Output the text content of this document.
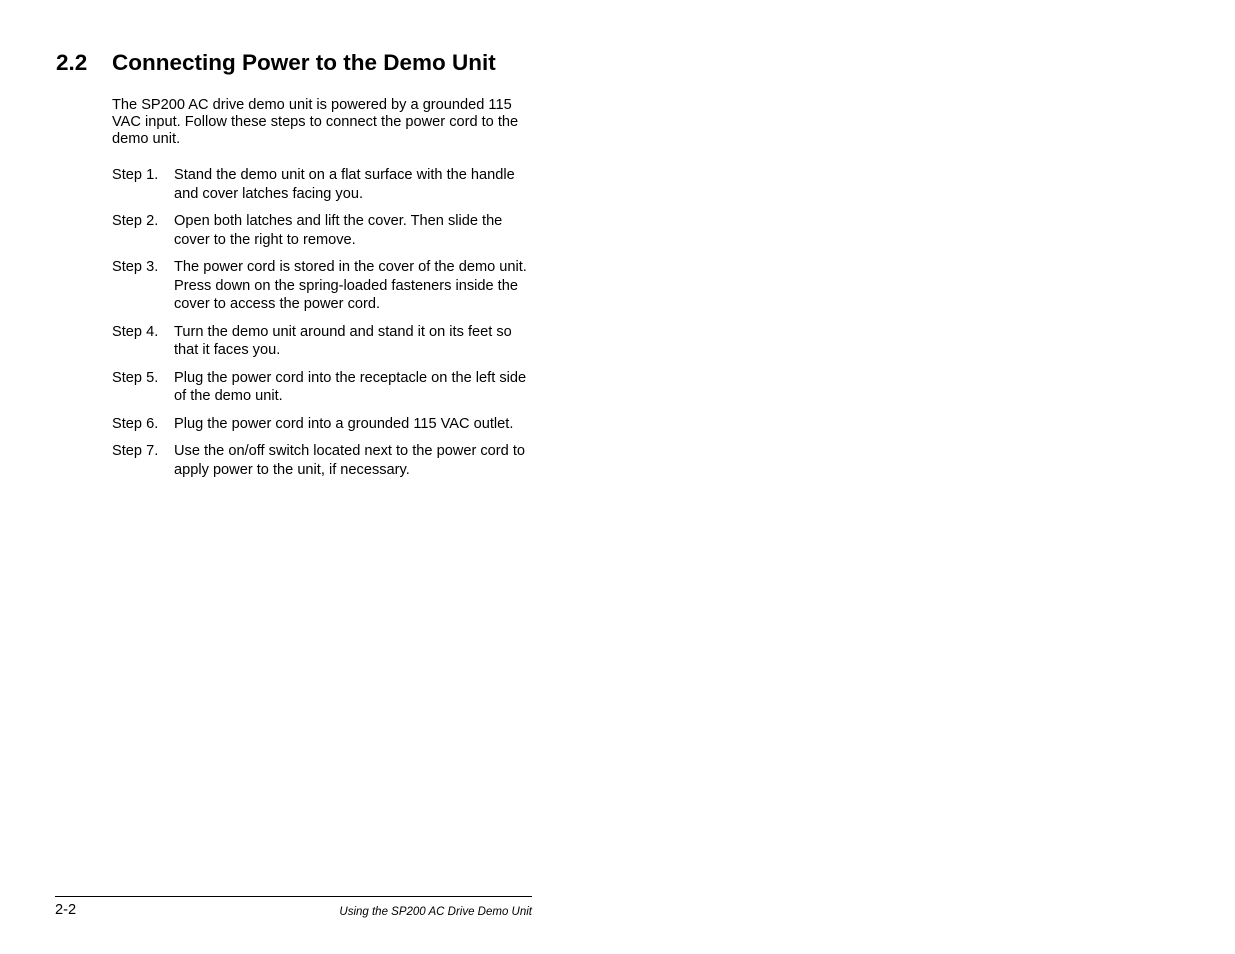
2.2 Connecting Power to the Demo Unit

The SP200 AC drive demo unit is powered by a grounded 115 VAC input. Follow these steps to connect the power cord to the demo unit.

Step 1.	Stand the demo unit on a flat surface with the handle and cover latches facing you.
Step 2.	Open both latches and lift the cover. Then slide the cover to the right to remove.
Step 3.	The power cord is stored in the cover of the demo unit. Press down on the spring-loaded fasteners inside the cover to access the power cord.
Step 4.	Turn the demo unit around and stand it on its feet so that it faces you.
Step 5.	Plug the power cord into the receptacle on the left side of the demo unit.
Step 6.	Plug the power cord into a grounded 115 VAC outlet.
Step 7.	Use the on/off switch located next to the power cord to apply power to the unit, if necessary.
2-2	Using the SP200 AC Drive Demo Unit
